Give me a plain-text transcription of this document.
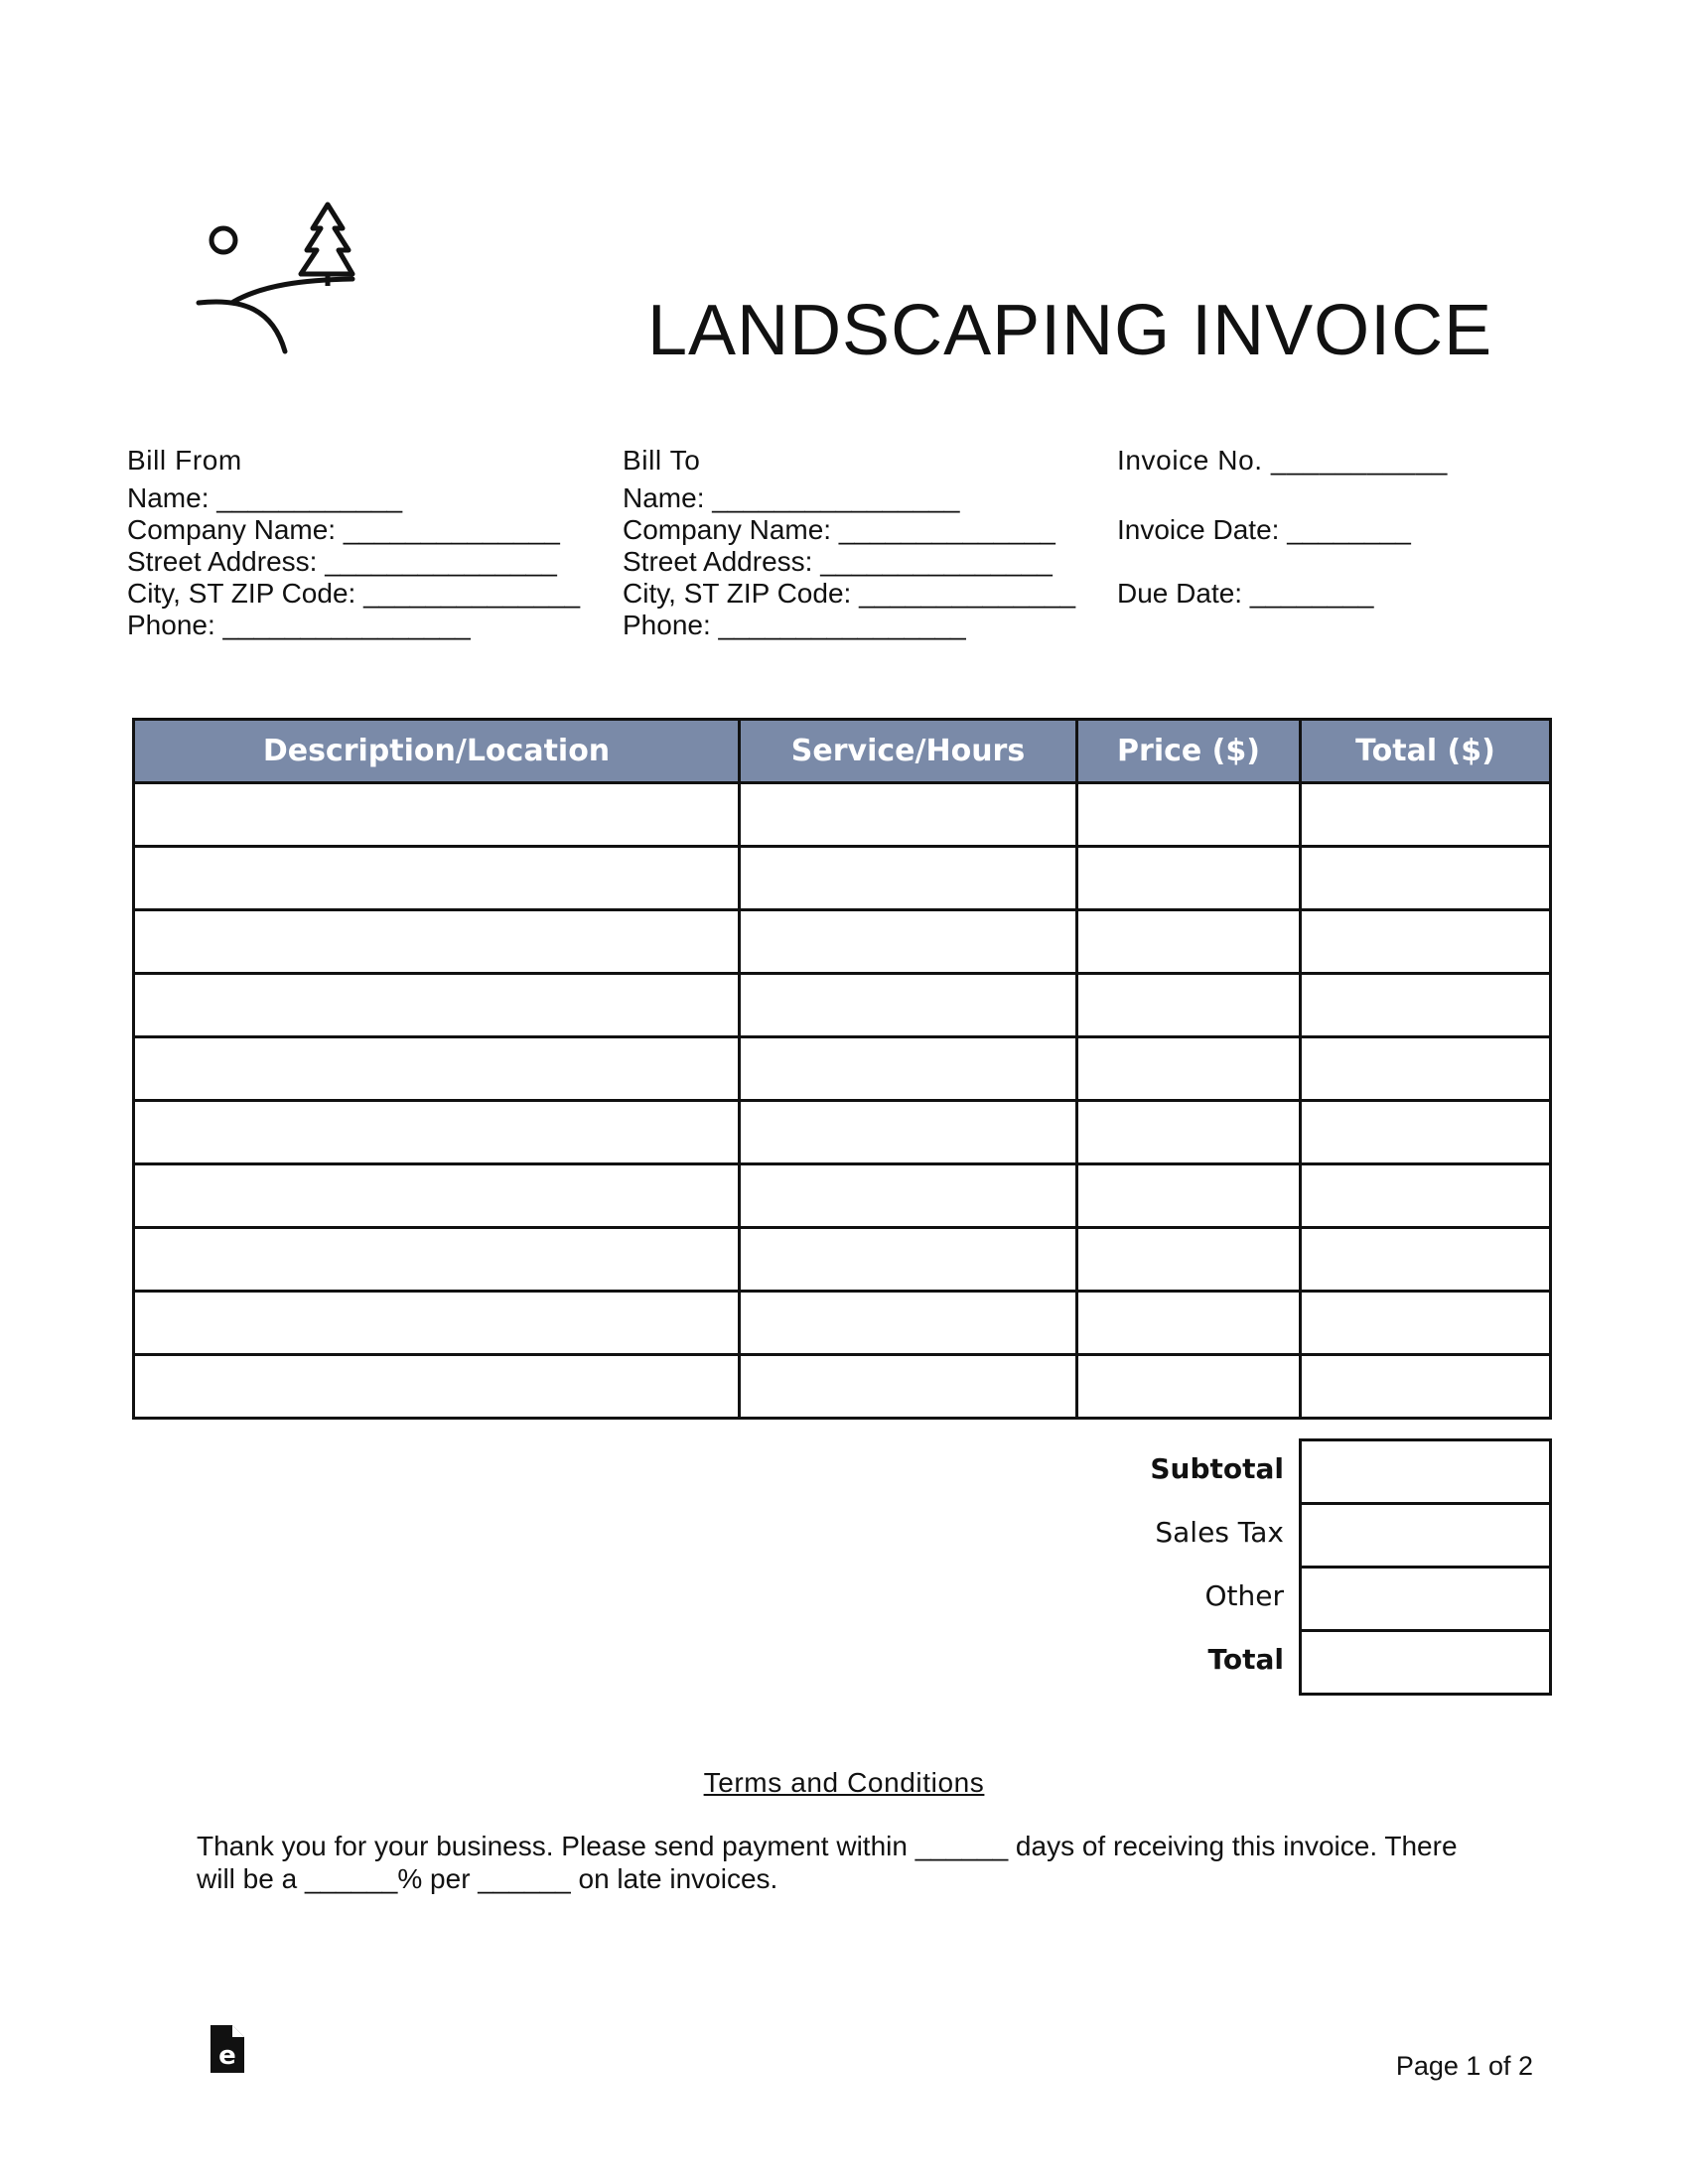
LANDSCAPING INVOICE
Bill From
Name: ____________
Company Name: ______________
Street Address: _______________
City, ST ZIP Code: ______________
Phone: ________________
Bill To
Name: ________________
Company Name: ______________
Street Address: _______________
City, ST ZIP Code: ______________
Phone: ________________
Invoice No. ___________
Invoice Date: ________
Due Date: ________
Description/Location	Service/Hours	Price ($)	Total ($)

Subtotal
Sales Tax
Other
Total
Terms and Conditions
Thank you for your business. Please send payment within ______ days of receiving this invoice. There
will be a ______% per ______ on late invoices.
e	Page 1 of 2
